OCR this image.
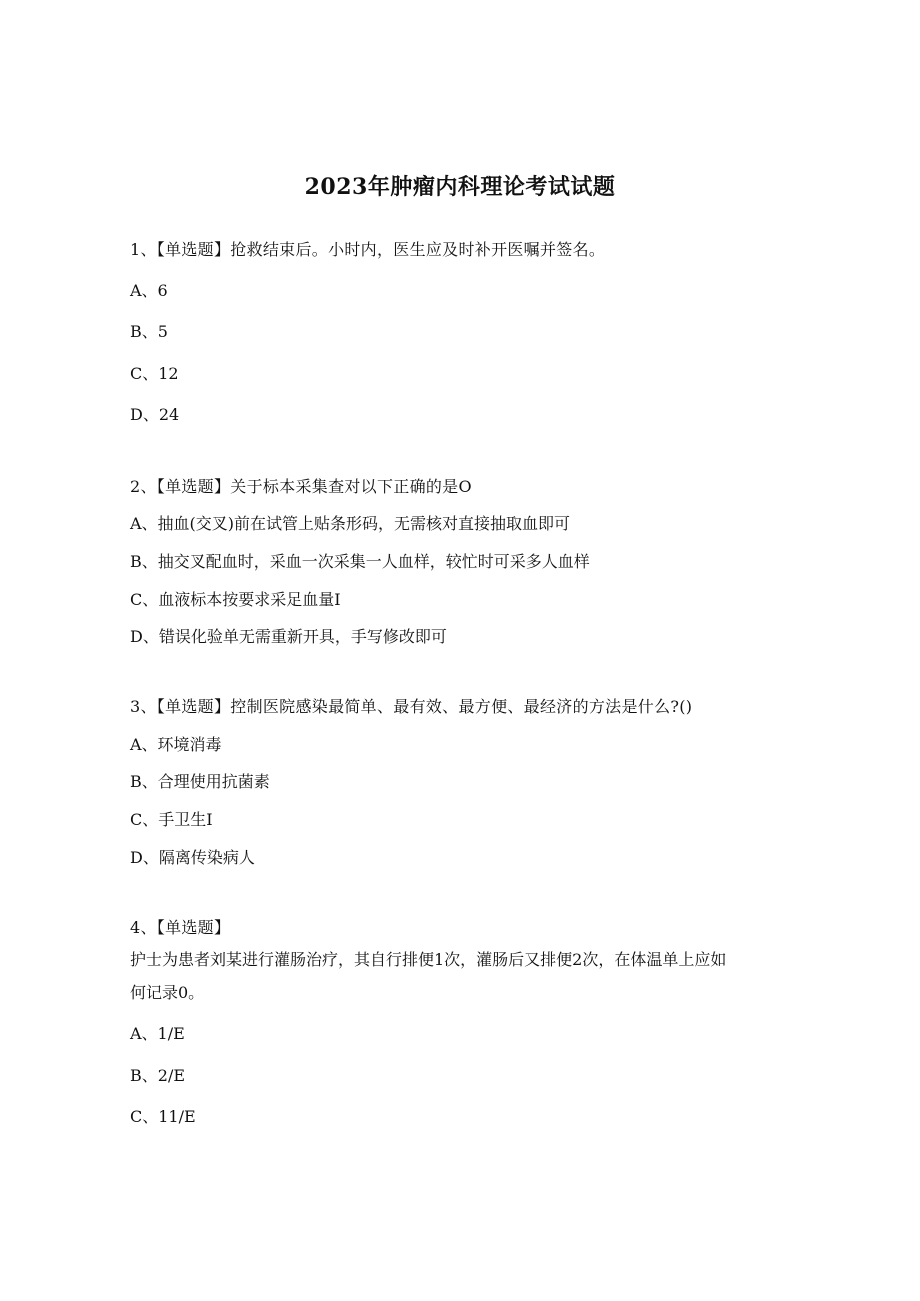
2023年肿瘤内科理论考试试题
1、【单选题】抢救结束后。小时内，医生应及时补开医嘱并签名。
A、6
B、5
C、12
D、24
2、【单选题】关于标本采集查对以下正确的是O
A、抽血(交叉)前在试管上贴条形码，无需核对直接抽取血即可
B、抽交叉配血时，采血一次采集一人血样，较忙时可采多人血样
C、血液标本按要求采足血量I
D、错误化验单无需重新开具，手写修改即可
3、【单选题】控制医院感染最简单、最有效、最方便、最经济的方法是什么?()
A、环境消毒
B、合理使用抗菌素
C、手卫生I
D、隔离传染病人
4、【单选题】
护士为患者刘某进行灌肠治疗，其自行排便1次，灌肠后又排便2次，在体温单上应如
何记录0。
A、1/E
B、2/E
C、11/E
